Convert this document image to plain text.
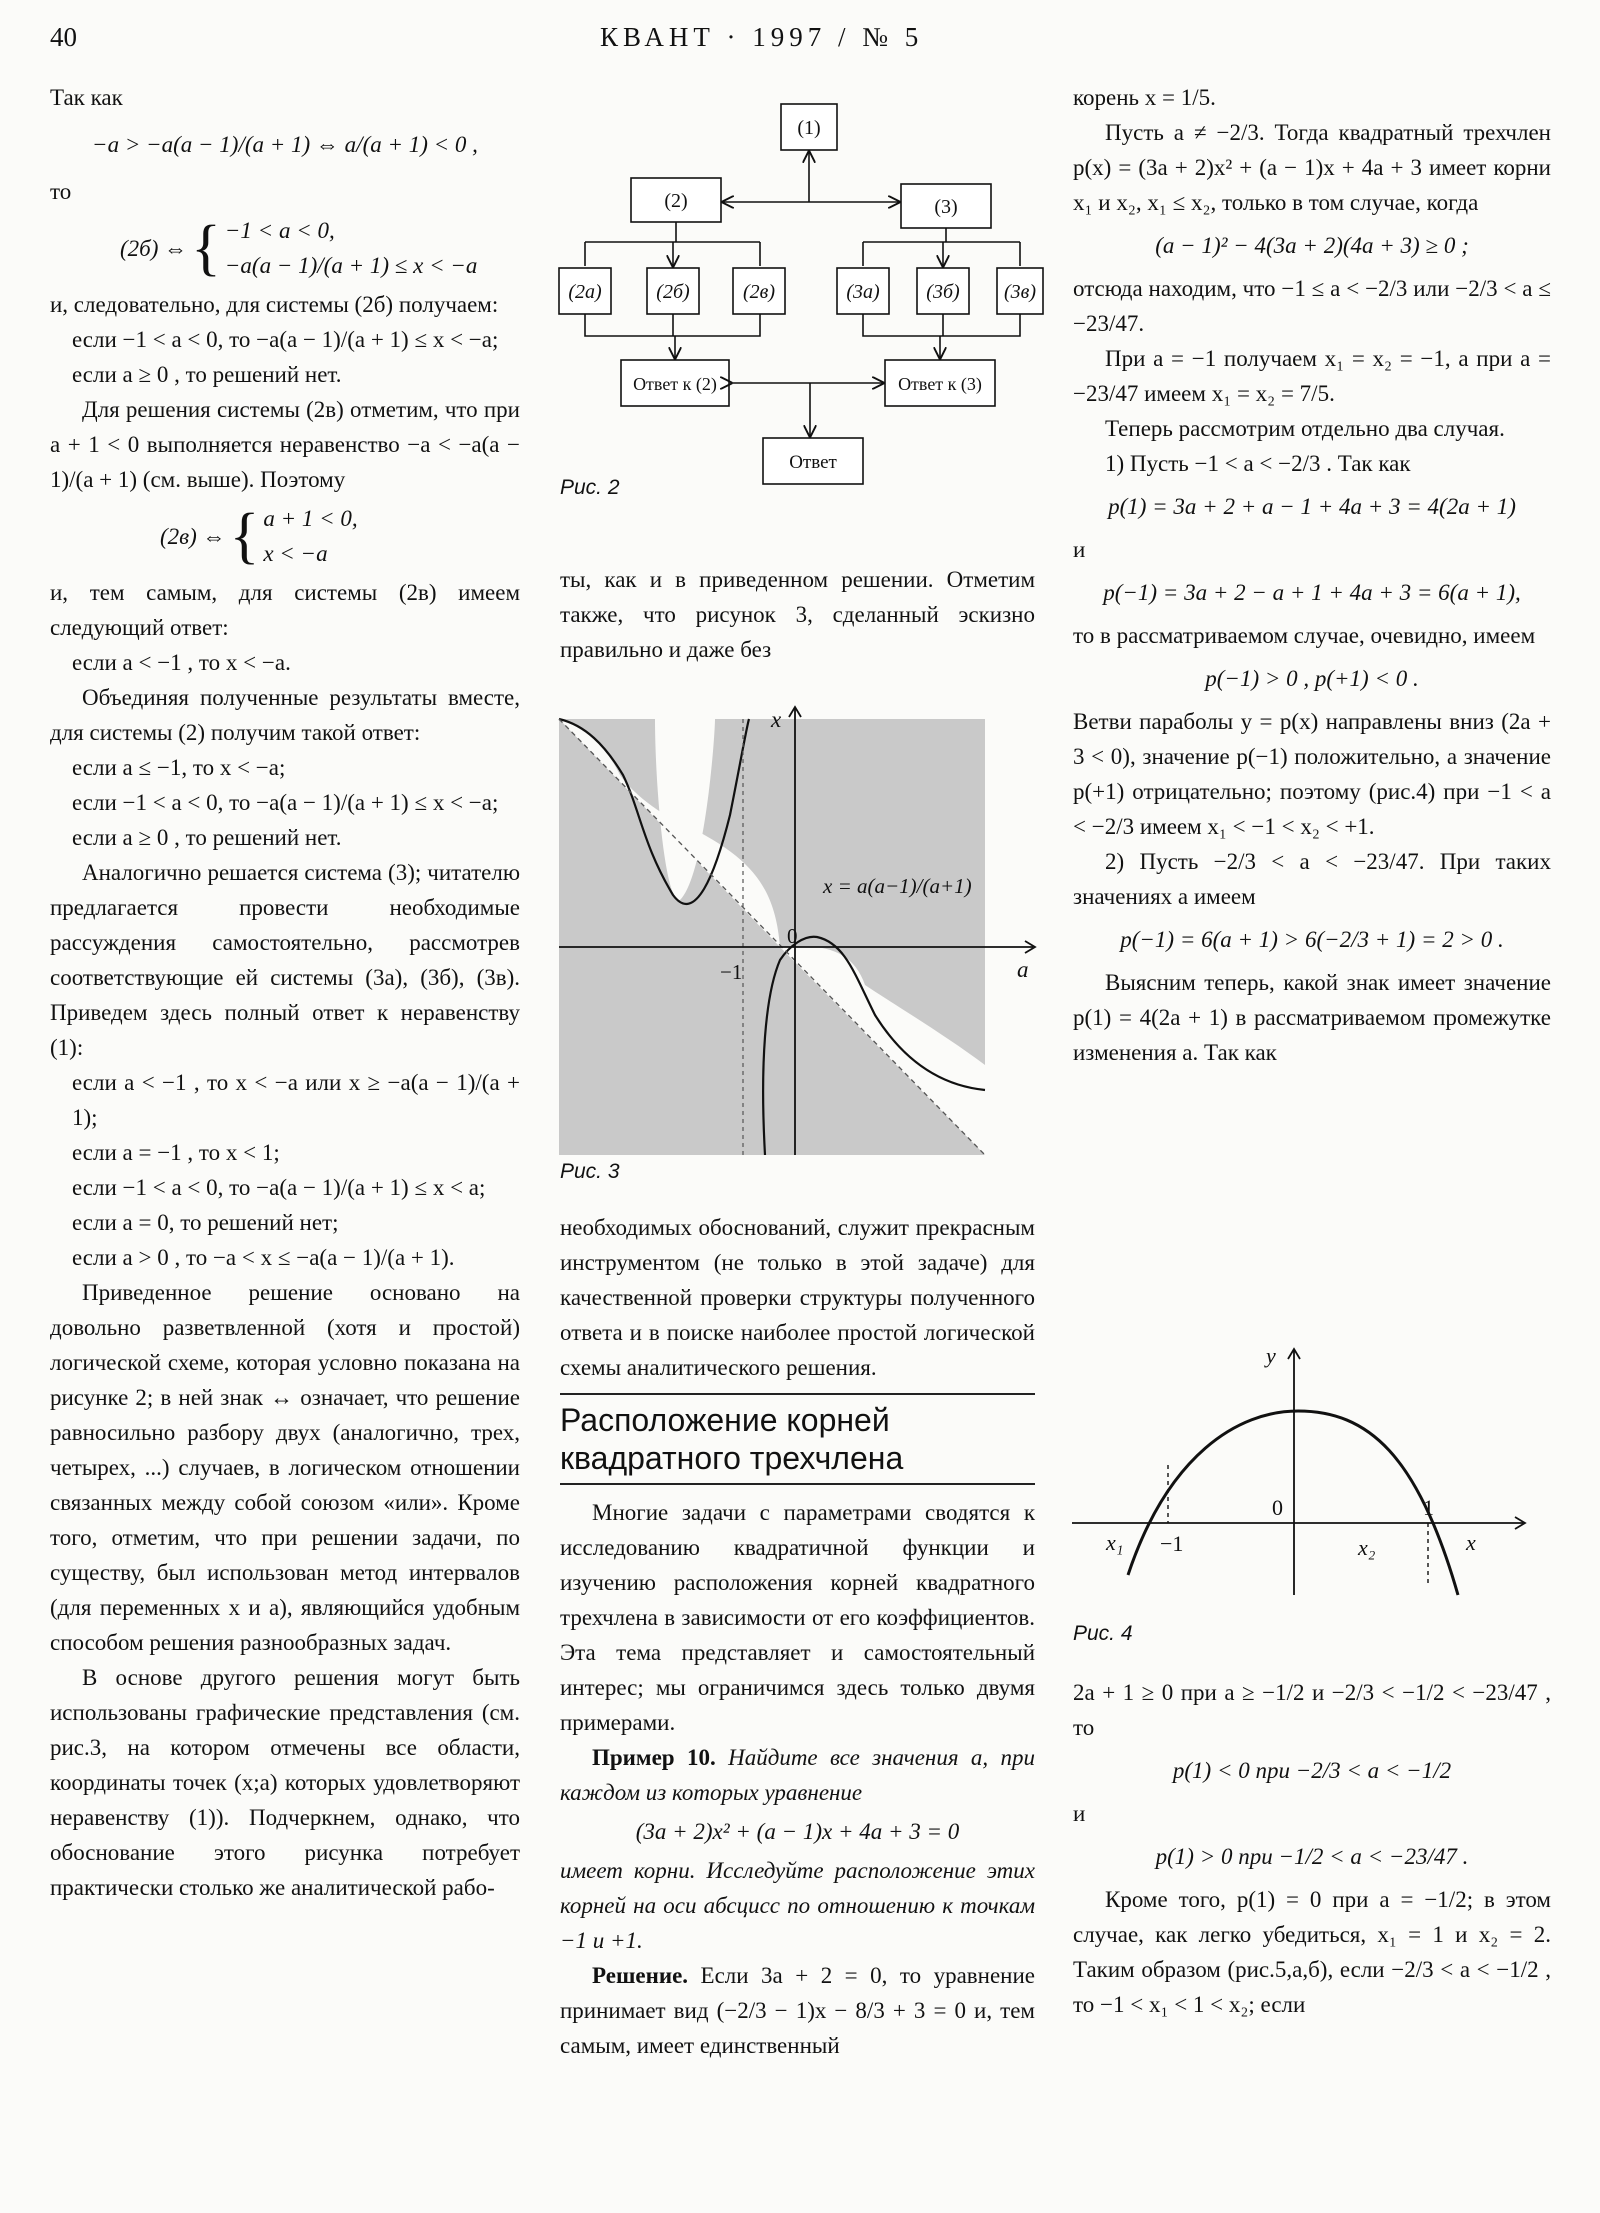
40	КВАНТ · 1997 / № 5

Так как

−a > −a(a − 1)/(a + 1) ⇔ a/(a + 1) < 0 ,

то

(2б) ⇔ { −1 < a < 0,
−a(a − 1)/(a + 1) ≤ x < −a

и, следовательно, для системы (2б) получаем:

если −1 < a < 0, то −a(a − 1)/(a + 1) ≤ x < −a;

если a ≥ 0 , то решений нет.

Для решения системы (2в) отметим, что при a + 1 < 0 выполняется неравенство −a < −a(a − 1)/(a + 1) (см. выше). Поэтому

(2в) ⇔ { a + 1 < 0,
x < −a

и, тем самым, для системы (2в) имеем следующий ответ:

если a < −1 , то x < −a.

Объединяя полученные результаты вместе, для системы (2) получим такой ответ:

если a ≤ −1, то x < −a;

если −1 < a < 0, то −a(a − 1)/(a + 1) ≤ x < −a;

если a ≥ 0 , то решений нет.

Аналогично решается система (3); читателю предлагается провести необходимые рассуждения самостоятельно, рассмотрев соответствующие ей системы (3а), (3б), (3в). Приведем здесь полный ответ к неравенству (1):

если a < −1 , то x < −a или x ≥ −a(a − 1)/(a + 1);

если a = −1 , то x < 1;

если −1 < a < 0, то −a(a − 1)/(a + 1) ≤ x < a;

если a = 0, то решений нет;

если a > 0 , то −a < x ≤ −a(a − 1)/(a + 1).

Приведенное решение основано на довольно разветвленной (хотя и простой) логической схеме, которая условно показана на рисунке 2; в ней знак ↔ означает, что решение равносильно разбору двух (аналогично, трех, четырех, ...) случаев, в логическом отношении связанных между собой союзом «или». Кроме того, отметим, что при решении задачи, по существу, был использован метод интервалов (для переменных x и a), являющийся удобным способом решения разнообразных задач.

В основе другого решения могут быть использованы графические представления (см. рис.3, на котором отмечены все области, координаты точек (x;a) которых удовлетворяют неравенству (1)). Подчеркнем, однако, что обоснование этого рисунка потребует практически столько же аналитической рабо-

(1)
(2)	(3)
(2а)	(2б)	(2в)	(3а) (3б) (3в)
Ответ к (2)	Ответ к (3)
Ответ
Рис. 2

ты, как и в приведенном решении. Отметим также, что рисунок 3, сделанный эскизно правильно и даже без

x
a
x = a(a−1)/(a+1)
0
−1
Рис. 3

необходимых обоснований, служит прекрасным инструментом (не только в этой задаче) для качественной проверки структуры полученного ответа и в поиске наиболее простой логической схемы аналитического решения.

Расположение корней квадратного трехчлена

Многие задачи с параметрами сводятся к исследованию квадратичной функции и изучению расположения корней квадратного трехчлена в зависимости от его коэффициентов. Эта тема представляет и самостоятельный интерес; мы ограничимся здесь только двумя примерами.

Пример 10. Найдите все значения a, при каждом из которых уравнение

(3a + 2)x² + (a − 1)x + 4a + 3 = 0

имеет корни. Исследуйте расположение этих корней на оси абсцисс по отношению к точкам −1 и +1.

Решение. Если 3a + 2 = 0, то уравнение принимает вид (−2/3 − 1)x − 8/3 + 3 = 0 и, тем самым, имеет единственный

корень x = 1/5.

Пусть a ≠ −2/3. Тогда квадратный трехчлен p(x) = (3a + 2)x² + (a − 1)x + 4a + 3 имеет корни x₁ и x₂, x₁ ≤ x₂, только в том случае, когда

(a − 1)² − 4(3a + 2)(4a + 3) ≥ 0 ;

отсюда находим, что −1 ≤ a < −2/3 или −2/3 < a ≤ −23/47.

При a = −1 получаем x₁ = x₂ = −1, а при a = −23/47 имеем x₁ = x₂ = 7/5.

Теперь рассмотрим отдельно два случая.

1) Пусть −1 < a < −2/3 . Так как

p(1) = 3a + 2 + a − 1 + 4a + 3 = 4(2a + 1)

и

p(−1) = 3a + 2 − a + 1 + 4a + 3 = 6(a + 1),

то в рассматриваемом случае, очевидно, имеем

p(−1) > 0 , p(+1) < 0 .

Ветви параболы y = p(x) направлены вниз (2a + 3 < 0), значение p(−1) положительно, а значение p(+1) отрицательно; поэтому (рис.4) при −1 < a < −2/3 имеем x₁ < −1 < x₂ < +1.

2) Пусть −2/3 < a < −23/47. При таких значениях a имеем

p(−1) = 6(a + 1) > 6(−2/3 + 1) = 2 > 0 .

Выясним теперь, какой знак имеет значение p(1) = 4(2a + 1) в рассматриваемом промежутке изменения a. Так как

y
x
0	1
−1
x₁	x₂
Рис. 4

2a + 1 ≥ 0 при a ≥ −1/2 и −2/3 < −1/2 < −23/47 , то

p(1) < 0 при −2/3 < a < −1/2

и

p(1) > 0 при −1/2 < a < −23/47 .

Кроме того, p(1) = 0 при a = −1/2; в этом случае, как легко убедиться, x₁ = 1 и x₂ = 2. Таким образом (рис.5,а,б), если −2/3 < a < −1/2 , то −1 < x₁ < 1 < x₂; если
